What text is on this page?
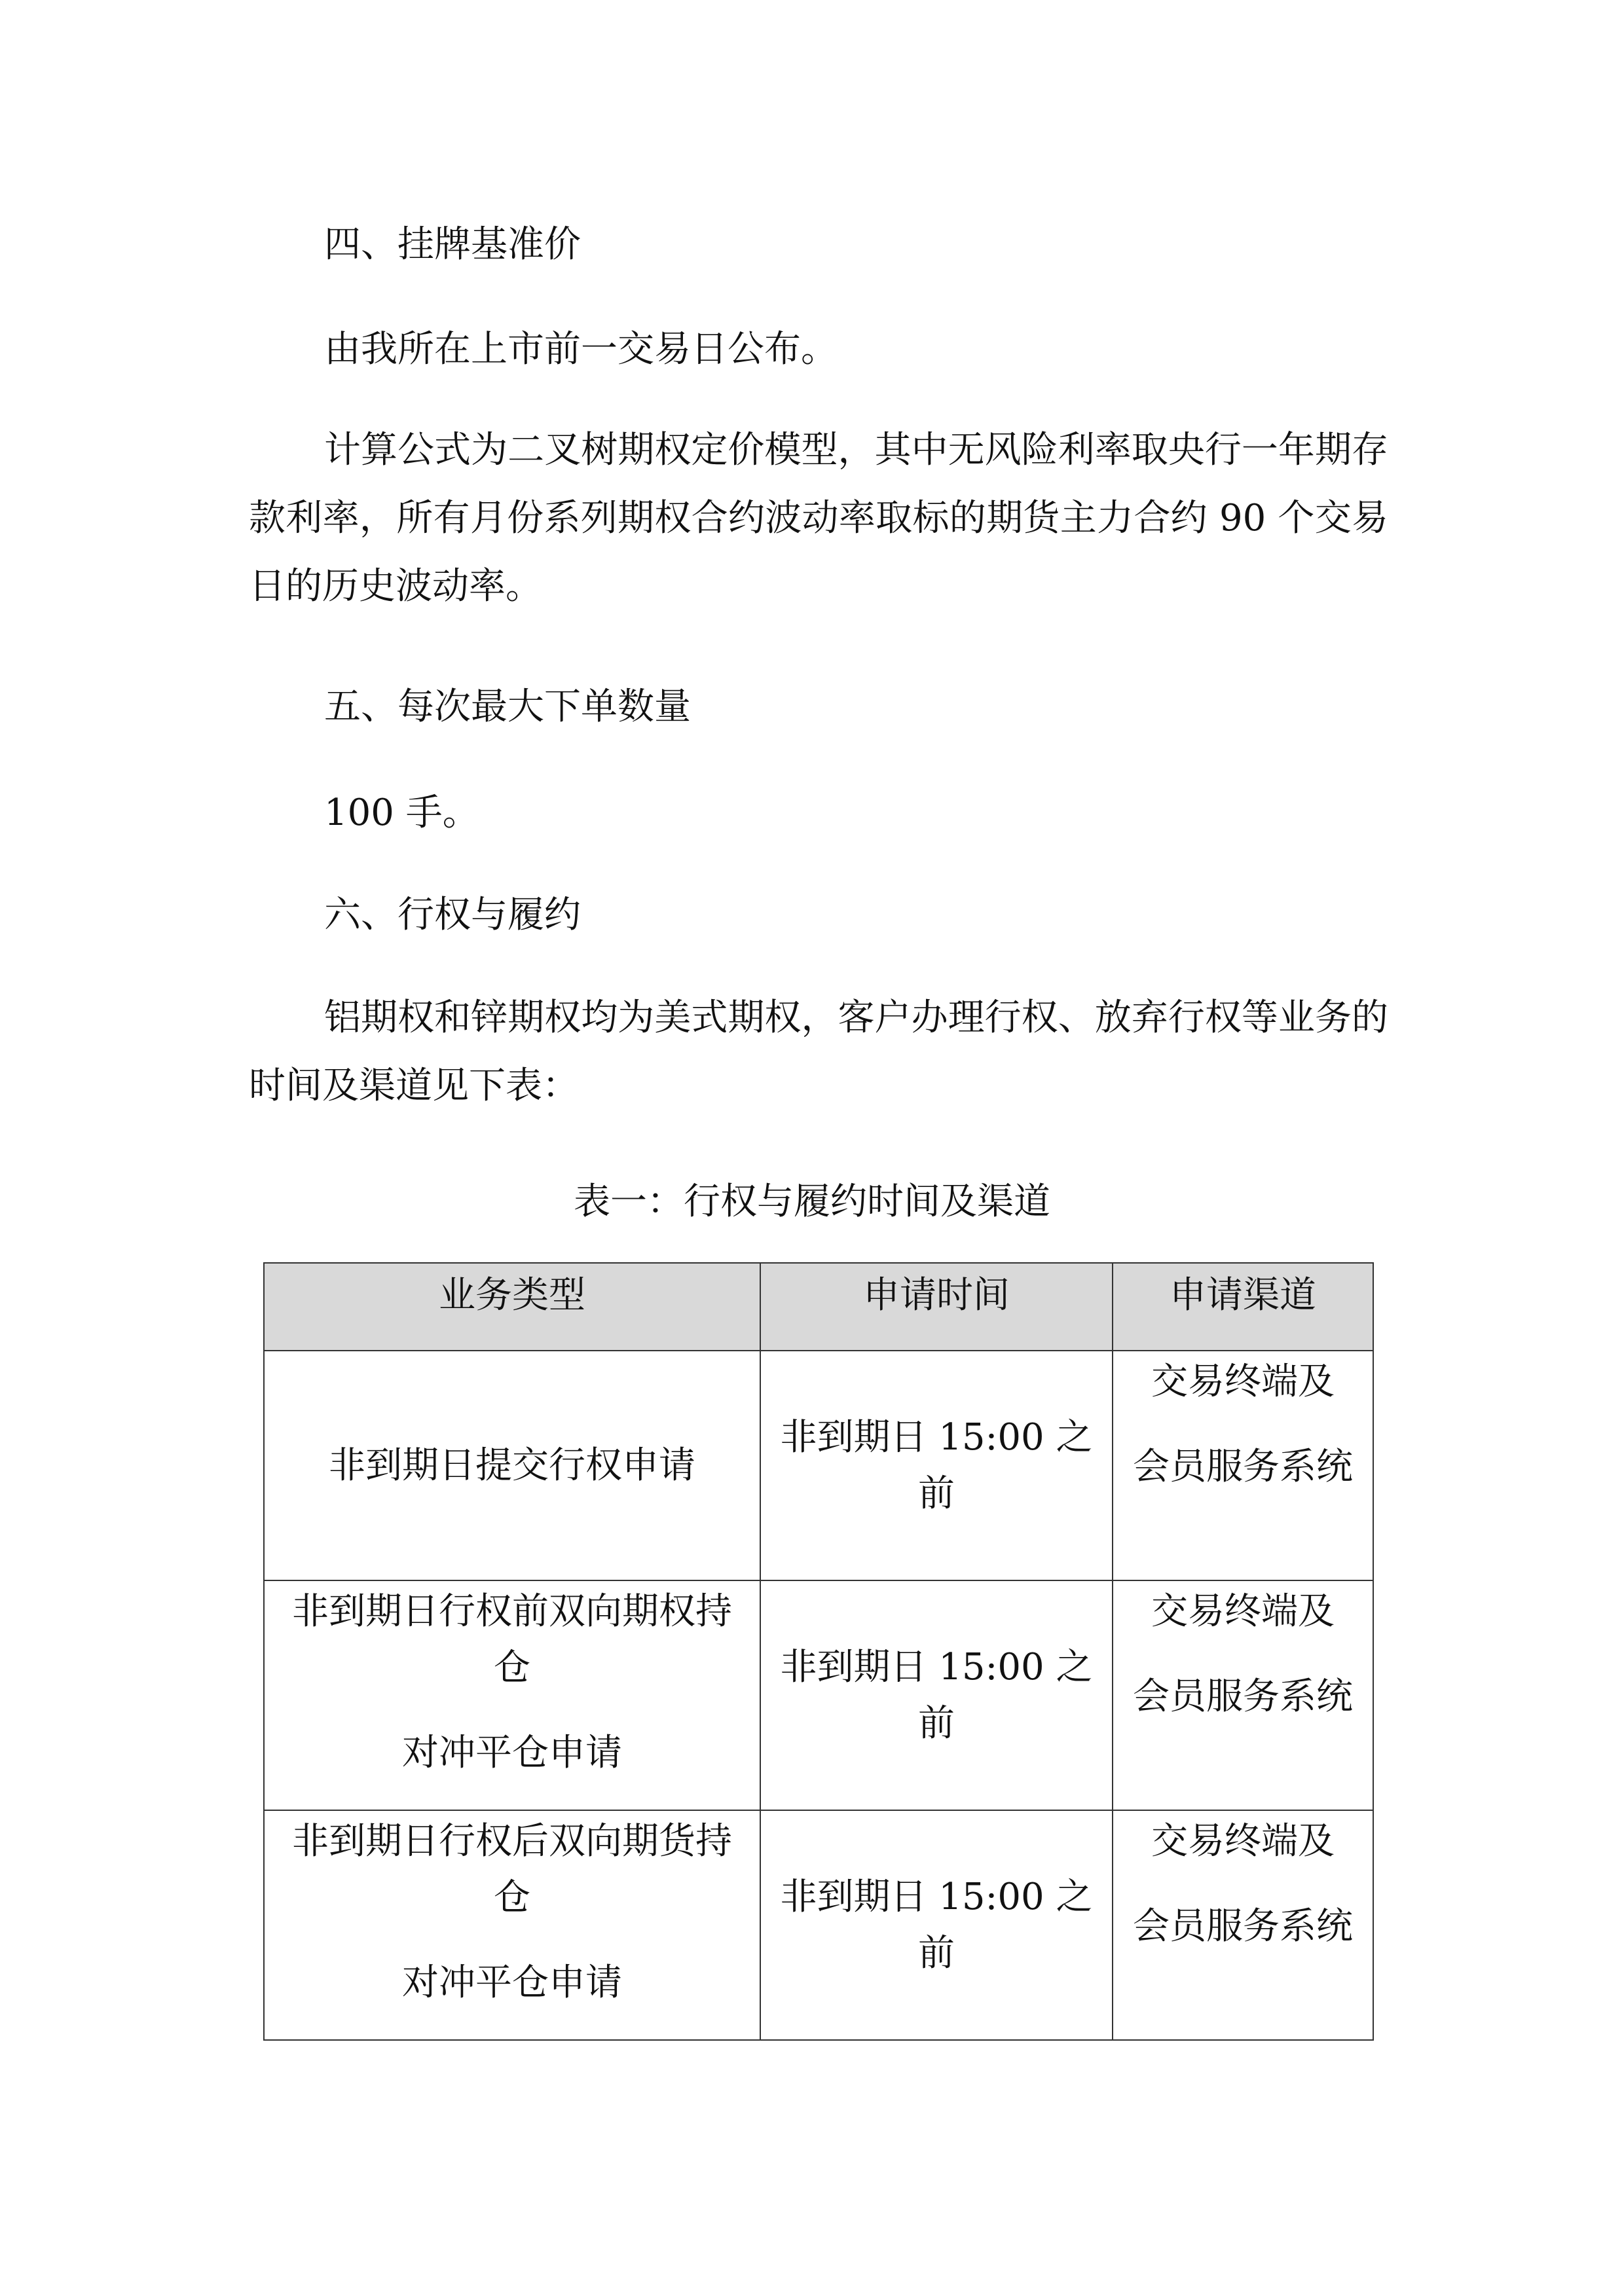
四、挂牌基准价

由我所在上市前一交易日公布。

计算公式为二叉树期权定价模型，其中无风险利率取央行一年期存款利率，所有月份系列期权合约波动率取标的期货主力合约 90 个交易日的历史波动率。

五、每次最大下单数量

100 手。

六、行权与履约

铝期权和锌期权均为美式期权，客户办理行权、放弃行权等业务的时间及渠道见下表：

表一：行权与履约时间及渠道

业务类型	申请时间	申请渠道
非到期日提交行权申请	非到期日 15:00 之前	交易终端及
会员服务系统
非到期日行权前双向期权持仓
对冲平仓申请	非到期日 15:00 之前	交易终端及
会员服务系统
非到期日行权后双向期货持仓
对冲平仓申请	非到期日 15:00 之前	交易终端及
会员服务系统
